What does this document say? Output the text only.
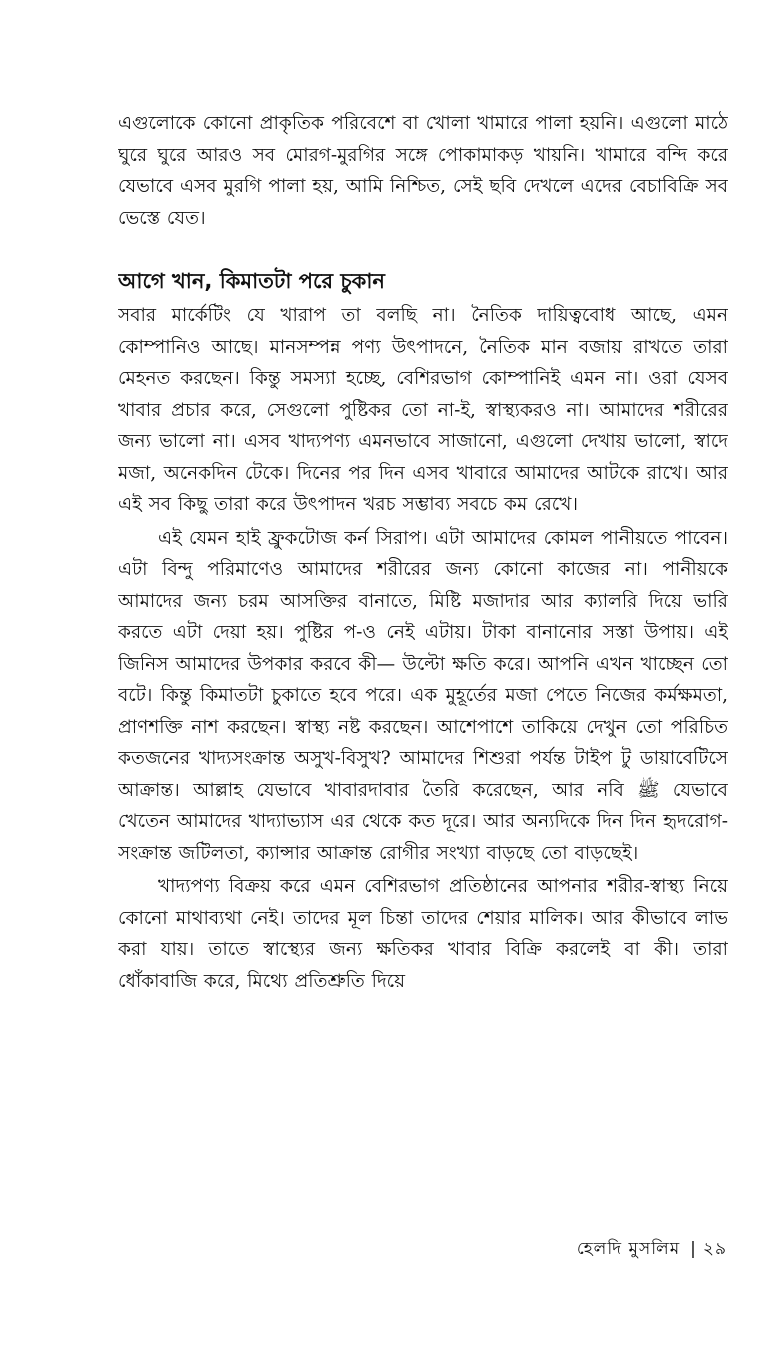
এগুলোকে কোনো প্রাকৃতিক পরিবেশে বা খোলা খামারে পালা হয়নি। এগুলো মাঠে ঘুরে ঘুরে আরও সব মোরগ-মুরগির সঙ্গে পোকামাকড় খায়নি। খামারে বন্দি করে যেভাবে এসব মুরগি পালা হয়, আমি নিশ্চিত, সেই ছবি দেখলে এদের বেচাবিক্রি সব ভেস্তে যেত।

আগে খান, কিমাতটা পরে চুকান

সবার মার্কেটিং যে খারাপ তা বলছি না। নৈতিক দায়িত্ববোধ আছে, এমন কোম্পানিও আছে। মানসম্পন্ন পণ্য উৎপাদনে, নৈতিক মান বজায় রাখতে তারা মেহনত করছেন। কিন্তু সমস্যা হচ্ছে, বেশিরভাগ কোম্পানিই এমন না। ওরা যেসব খাবার প্রচার করে, সেগুলো পুষ্টিকর তো না-ই, স্বাস্থ্যকরও না। আমাদের শরীরের জন্য ভালো না। এসব খাদ্যপণ্য এমনভাবে সাজানো, এগুলো দেখায় ভালো, স্বাদে মজা, অনেকদিন টেকে। দিনের পর দিন এসব খাবারে আমাদের আটকে রাখে। আর এই সব কিছু তারা করে উৎপাদন খরচ সম্ভাব্য সবচে কম রেখে।

এই যেমন হাই ফ্রুকটোজ কর্ন সিরাপ। এটা আমাদের কোমল পানীয়তে পাবেন। এটা বিন্দু পরিমাণেও আমাদের শরীরের জন্য কোনো কাজের না। পানীয়কে আমাদের জন্য চরম আসক্তির বানাতে, মিষ্টি মজাদার আর ক্যালরি দিয়ে ভারি করতে এটা দেয়া হয়। পুষ্টির প-ও নেই এটায়। টাকা বানানোর সস্তা উপায়। এই জিনিস আমাদের উপকার করবে কী— উল্টো ক্ষতি করে। আপনি এখন খাচ্ছেন তো বটে। কিন্তু কিমাতটা চুকাতে হবে পরে। এক মুহূর্তের মজা পেতে নিজের কর্মক্ষমতা, প্রাণশক্তি নাশ করছেন। স্বাস্থ্য নষ্ট করছেন। আশেপাশে তাকিয়ে দেখুন তো পরিচিত কতজনের খাদ্যসংক্রান্ত অসুখ-বিসুখ? আমাদের শিশুরা পর্যন্ত টাইপ টু ডায়াবেটিসে আক্রান্ত। আল্লাহ যেভাবে খাবারদাবার তৈরি করেছেন, আর নবি ﷺ যেভাবে খেতেন আমাদের খাদ্যাভ্যাস এর থেকে কত দূরে। আর অন্যদিকে দিন দিন হৃদরোগ-সংক্রান্ত জটিলতা, ক্যান্সার আক্রান্ত রোগীর সংখ্যা বাড়ছে তো বাড়ছেই।

খাদ্যপণ্য বিক্রয় করে এমন বেশিরভাগ প্রতিষ্ঠানের আপনার শরীর-স্বাস্থ্য নিয়ে কোনো মাথাব্যথা নেই। তাদের মূল চিন্তা তাদের শেয়ার মালিক। আর কীভাবে লাভ করা যায়। তাতে স্বাস্থ্যের জন্য ক্ষতিকর খাবার বিক্রি করলেই বা কী। তারা ধোঁকাবাজি করে, মিথ্যে প্রতিশ্রুতি দিয়ে

হেলদি মুসলিম | ২৯
